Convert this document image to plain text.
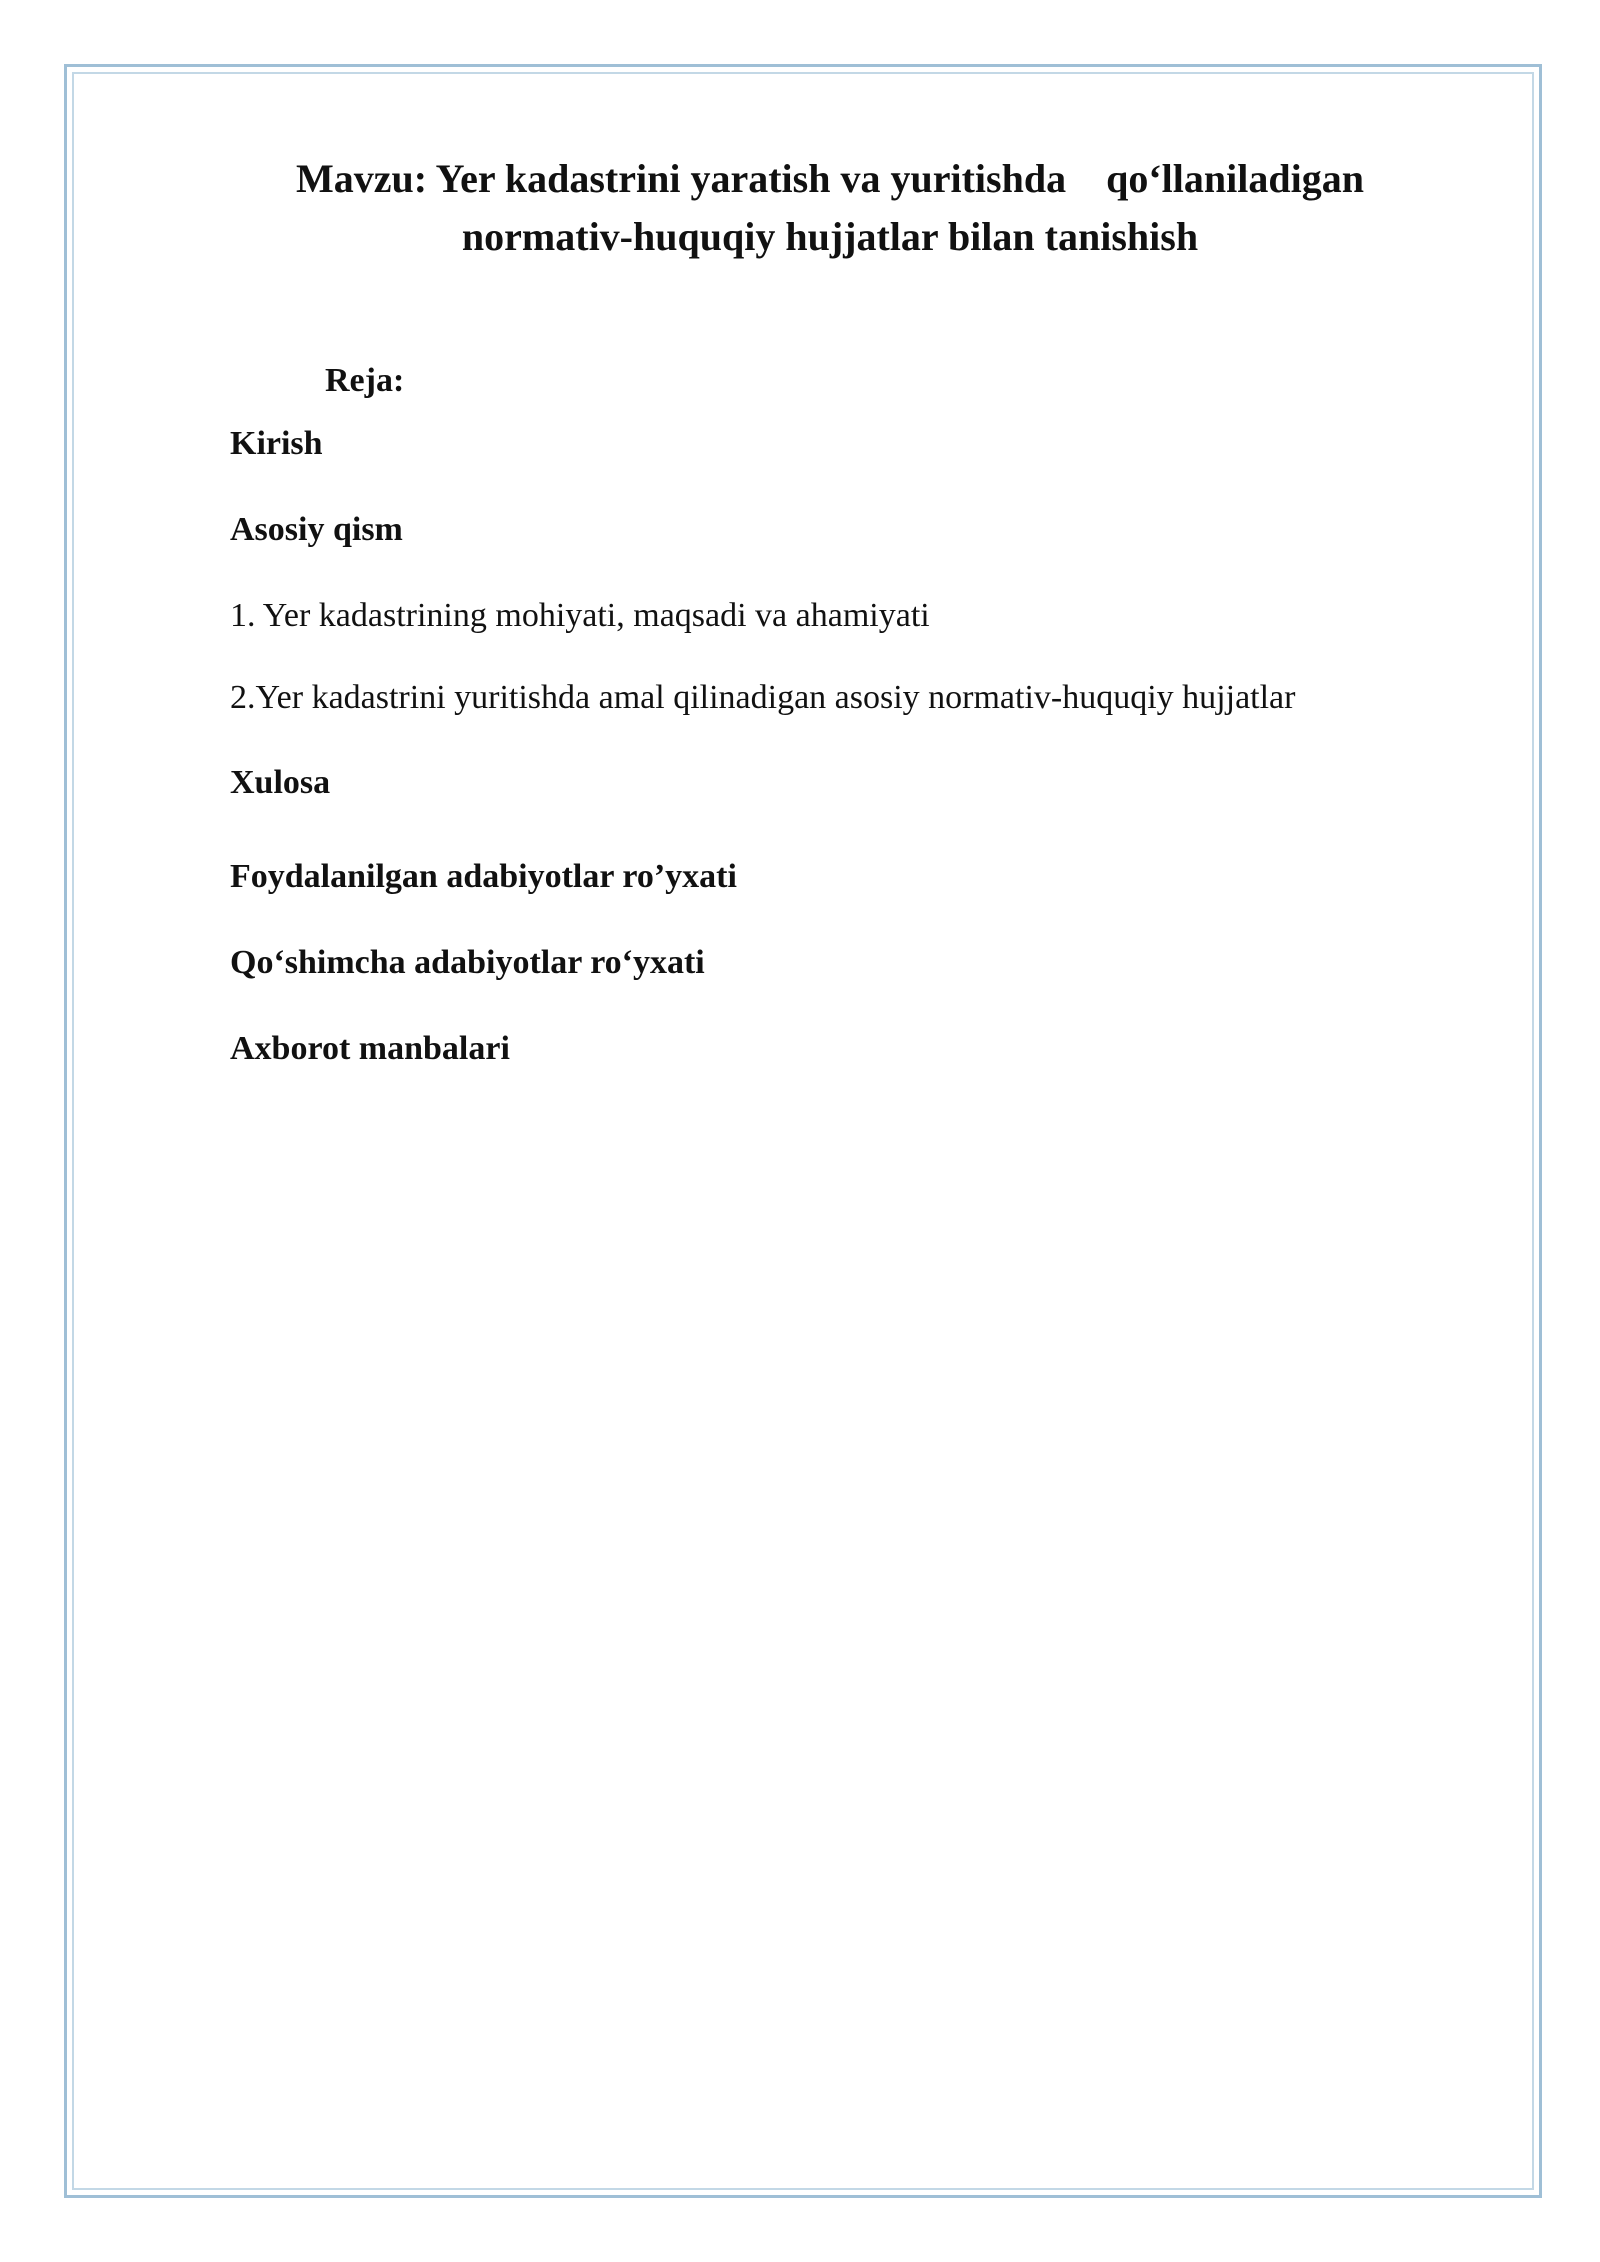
Mavzu: Yer kadastrini yaratish va yuritishda    qo‘llaniladigan
normativ-huquqiy hujjatlar bilan tanishish

Reja:

Kirish

Asosiy qism

1. Yer kadastrining mohiyati, maqsadi va ahamiyati

2.Yer kadastrini yuritishda amal qilinadigan asosiy normativ-huquqiy hujjatlar

Xulosa

Foydalanilgan adabiyotlar ro’yxati

Qo‘shimcha adabiyotlar ro‘yxati

Axborot manbalari
